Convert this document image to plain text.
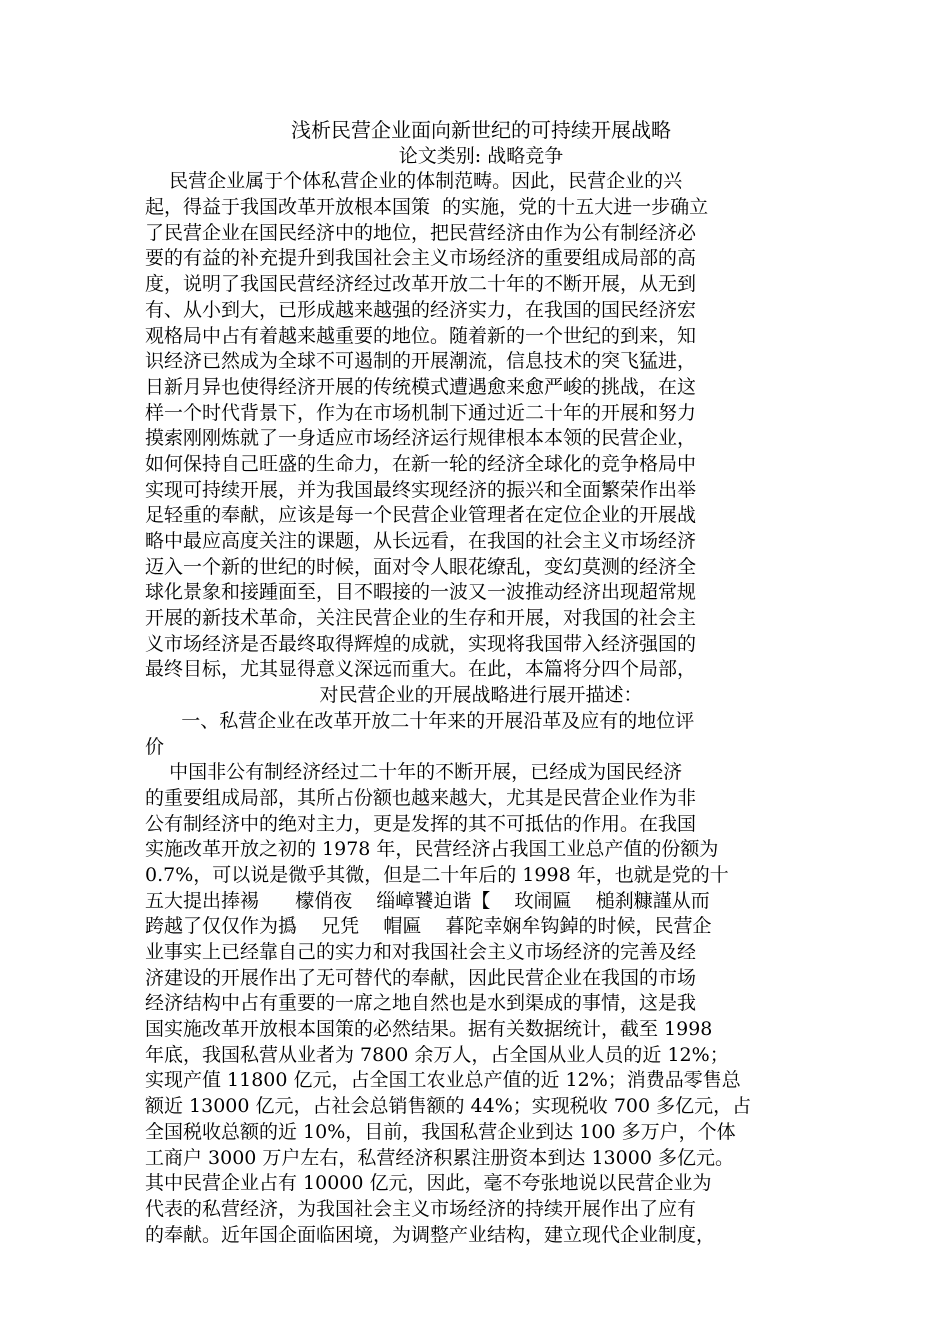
浅析民营企业面向新世纪的可持续开展战略
论文类别: 战略竞争
民营企业属于个体私营企业的体制范畴。因此，民营企业的兴
起，得益于我国改革开放根本国策  的实施，党的十五大进一步确立
了民营企业在国民经济中的地位，把民营经济由作为公有制经济必
要的有益的补充提升到我国社会主义市场经济的重要组成局部的高
度，说明了我国民营经济经过改革开放二十年的不断开展，从无到
有、从小到大，已形成越来越强的经济实力，在我国的国民经济宏
观格局中占有着越来越重要的地位。随着新的一个世纪的到来，知
识经济已然成为全球不可遏制的开展潮流，信息技术的突飞猛进，
日新月异也使得经济开展的传统模式遭遇愈来愈严峻的挑战，在这
样一个时代背景下，作为在市场机制下通过近二十年的开展和努力
摸索刚刚炼就了一身适应市场经济运行规律根本本领的民营企业，
如何保持自己旺盛的生命力，在新一轮的经济全球化的竞争格局中
实现可持续开展，并为我国最终实现经济的振兴和全面繁荣作出举
足轻重的奉献，应该是每一个民营企业管理者在定位企业的开展战
略中最应高度关注的课题，从长远看，在我国的社会主义市场经济
迈入一个新的世纪的时候，面对令人眼花缭乱，变幻莫测的经济全
球化景象和接踵面至，目不暇接的一波又一波推动经济出现超常规
开展的新技术革命，关注民营企业的生存和开展，对我国的社会主
义市场经济是否最终取得辉煌的成就，实现将我国带入经济强国的
最终目标，尤其显得意义深远而重大。在此，本篇将分四个局部，
对民营企业的开展战略进行展开描述：
一、私营企业在改革开放二十年来的开展沿革及应有的地位评
价
中国非公有制经济经过二十年的不断开展，已经成为国民经济
的重要组成局部，其所占份额也越来越大，尤其是民营企业作为非
公有制经济中的绝对主力，更是发挥的其不可抵估的作用。在我国
实施改革开放之初的 1978 年，民营经济占我国工业总产值的份额为
0.7%，可以说是微乎其微，但是二十年后的 1998 年，也就是党的十
五大提出捧裼      檬俏夜    缁嶂饕迫谐【    玫闹匾    槌刹糠謹从而
跨越了仅仅作为撝    兄凭    帽匾    暮陀幸娴牟钩鋽的时候，民营企
业事实上已经靠自己的实力和对我国社会主义市场经济的完善及经
济建设的开展作出了无可替代的奉献，因此民营企业在我国的市场
经济结构中占有重要的一席之地自然也是水到渠成的事情，这是我
国实施改革开放根本国策的必然结果。据有关数据统计，截至 1998
年底，我国私营从业者为 7800 余万人，占全国从业人员的近 12%；
实现产值 11800 亿元，占全国工农业总产值的近 12%；消费品零售总
额近 13000 亿元，占社会总销售额的 44%；实现税收 700 多亿元，占
全国税收总额的近 10%，目前，我国私营企业到达 100 多万户，个体
工商户 3000 万户左右，私营经济积累注册资本到达 13000 多亿元。
其中民营企业占有 10000 亿元，因此，毫不夸张地说以民营企业为
代表的私营经济，为我国社会主义市场经济的持续开展作出了应有
的奉献。近年国企面临困境，为调整产业结构，建立现代企业制度，
